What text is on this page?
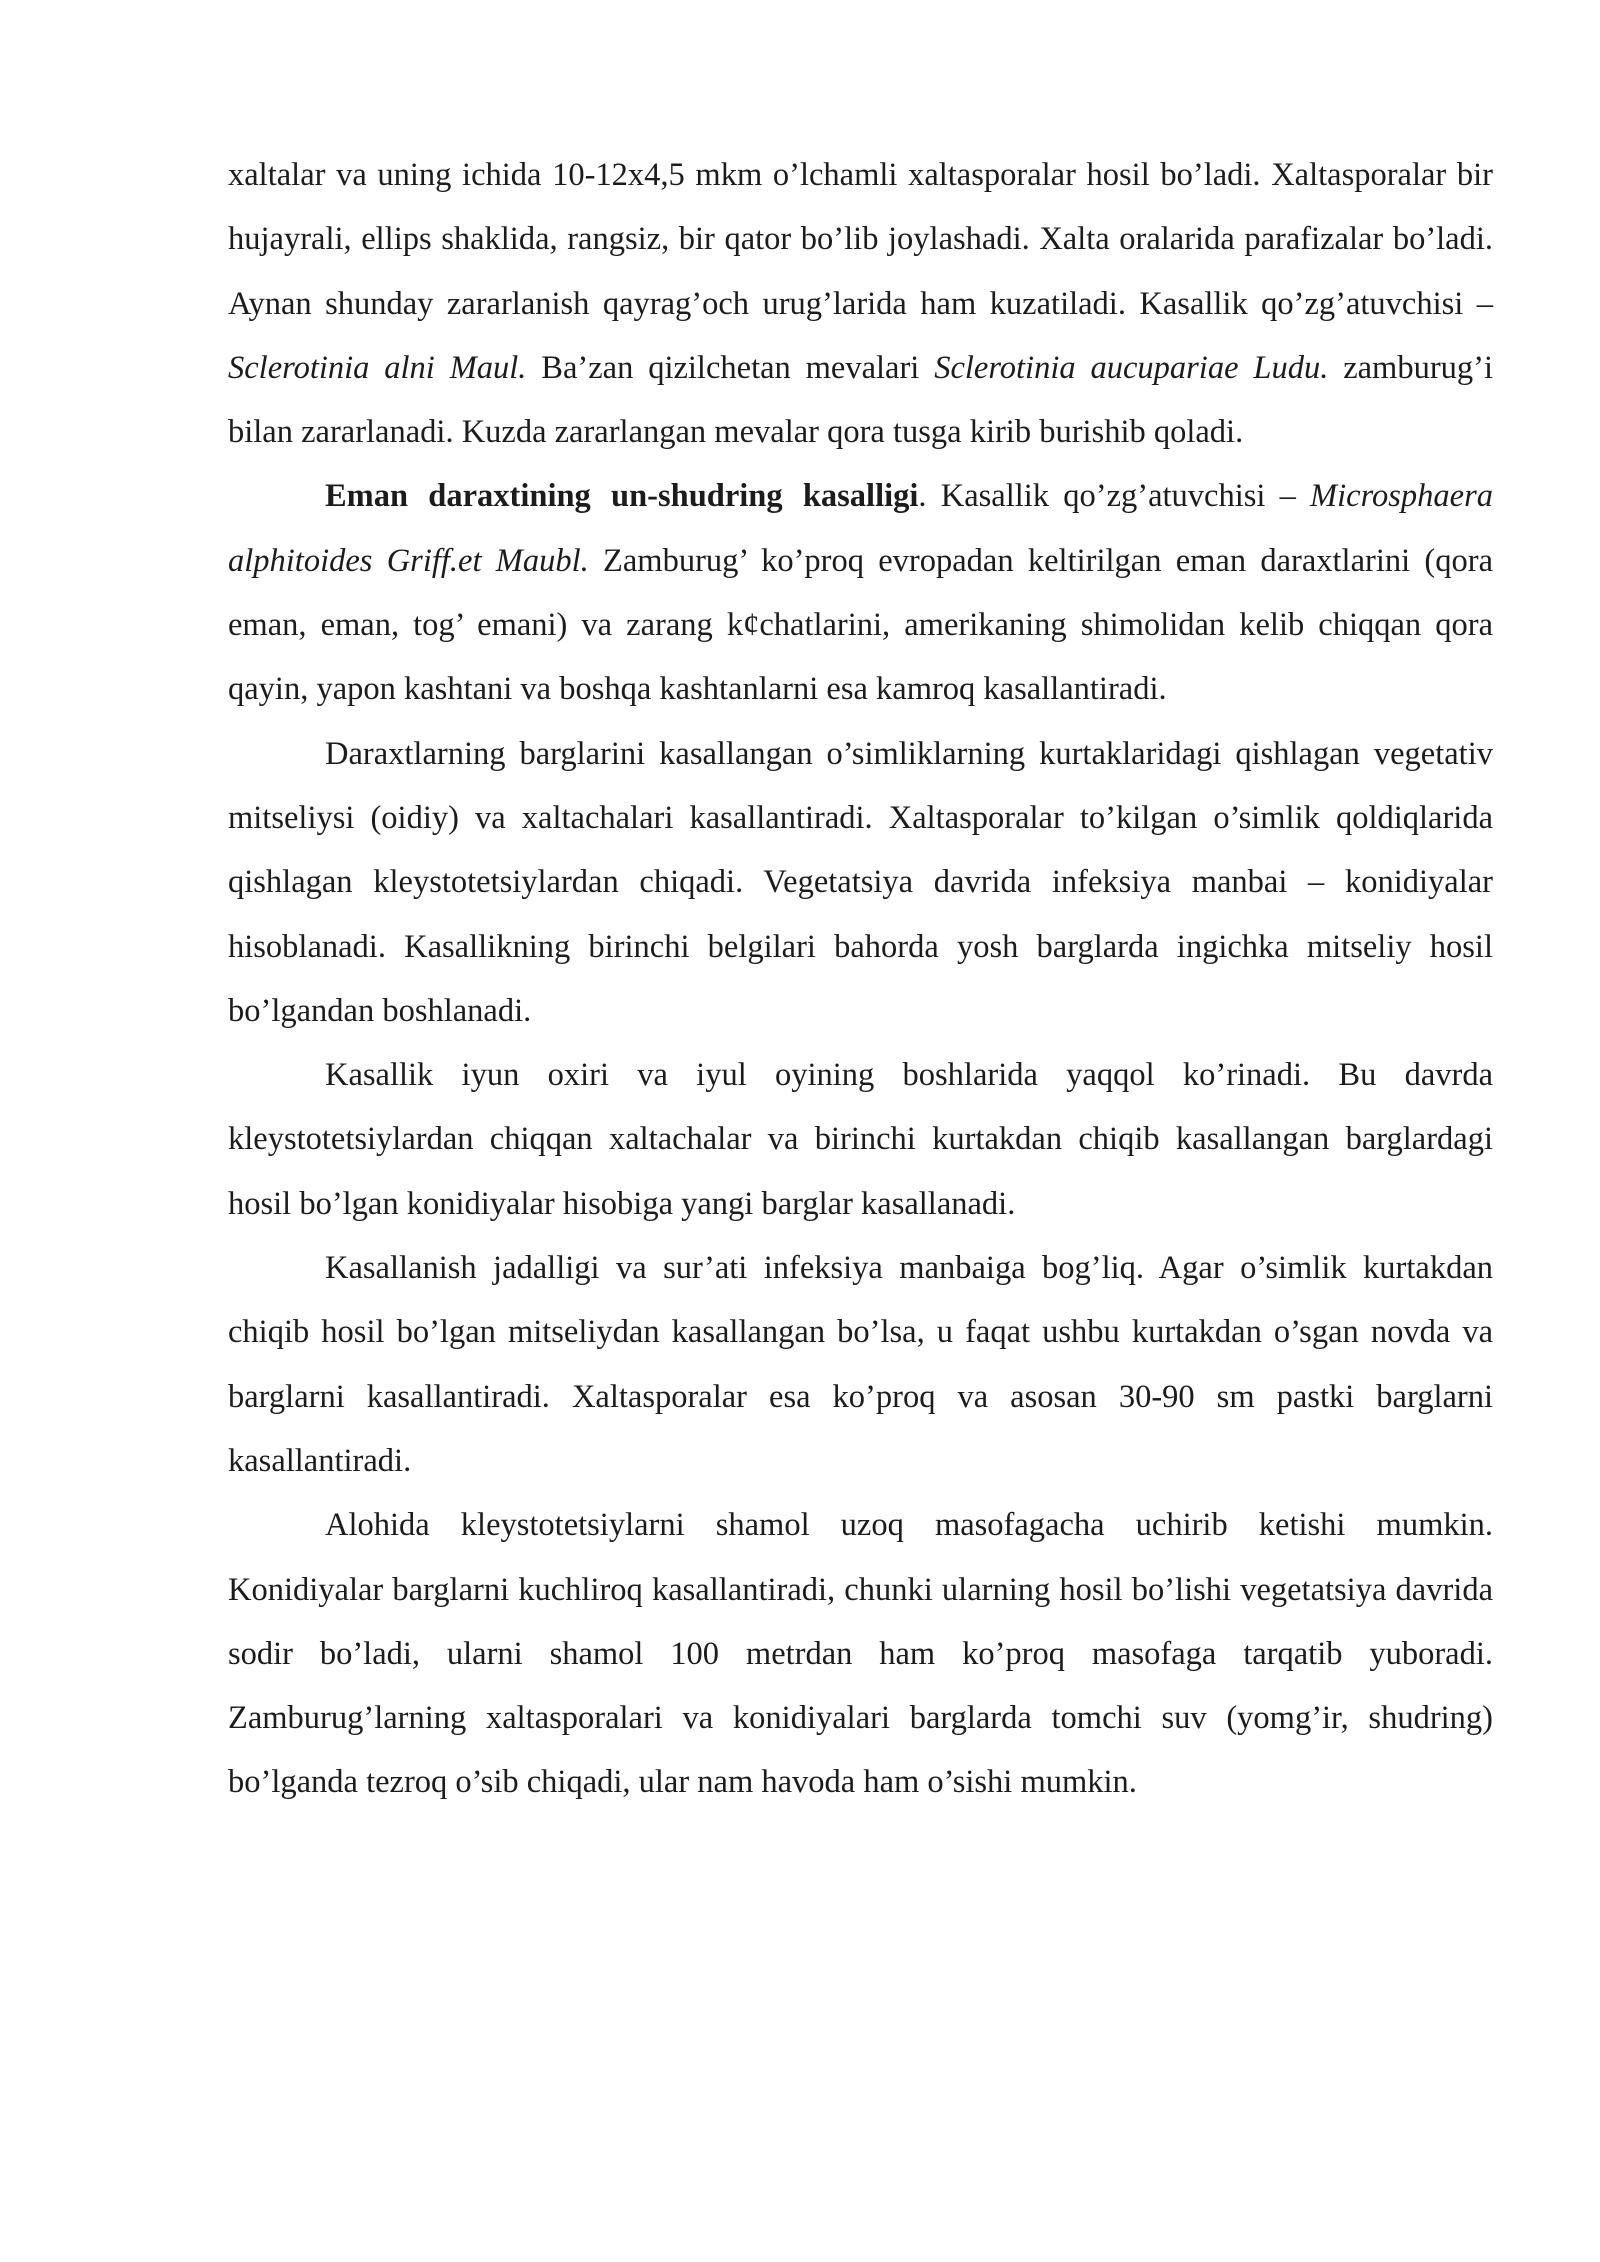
xaltalar va uning ichida 10-12x4,5 mkm o’lchamli xaltasporalar hosil bo’ladi. Xaltasporalar bir hujayrali, ellips shaklida, rangsiz, bir qator bo’lib joylashadi. Xalta oralarida parafizalar bo’ladi. Aynan shunday zararlanish qayrag’och urug’larida ham kuzatiladi. Kasallik qo’zg’atuvchisi – Sclerotinia alni Maul. Ba’zan qizilchetan mevalari Sclerotinia aucupariae Ludu. zamburug’i bilan zararlanadi. Kuzda zararlangan mevalar qora tusga kirib burishib qoladi.

Eman daraxtining un-shudring kasalligi. Kasallik qo’zg’atuvchisi – Microsphaera alphitoides Griff.et Maubl. Zamburug’ ko’proq evropadan keltirilgan eman daraxtlarini (qora eman, eman, tog’ emani) va zarang k¢chatlarini, amerikaning shimolidan kelib chiqqan qora qayin, yapon kashtani va boshqa kashtanlarni esa kamroq kasallantiradi.

Daraxtlarning barglarini kasallangan o’simliklarning kurtaklaridagi qishlagan vegetativ mitseliysi (oidiy) va xaltachalari kasallantiradi. Xaltasporalar to’kilgan o’simlik qoldiqlarida qishlagan kleystotetsiylardan chiqadi. Vegetatsiya davrida infeksiya manbai – konidiyalar hisoblanadi. Kasallikning birinchi belgilari bahorda yosh barglarda ingichka mitseliy hosil bo’lgandan boshlanadi.

Kasallik iyun oxiri va iyul oyining boshlarida yaqqol ko’rinadi. Bu davrda kleystotetsiylardan chiqqan xaltachalar va birinchi kurtakdan chiqib kasallangan barglardagi hosil bo’lgan konidiyalar hisobiga yangi barglar kasallanadi.

Kasallanish jadalligi va sur’ati infeksiya manbaiga bog’liq. Agar o’simlik kurtakdan chiqib hosil bo’lgan mitseliydan kasallangan bo’lsa, u faqat ushbu kurtakdan o’sgan novda va barglarni kasallantiradi. Xaltasporalar esa ko’proq va asosan 30-90 sm pastki barglarni kasallantiradi.

Alohida kleystotetsiylarni shamol uzoq masofagacha uchirib ketishi mumkin. Konidiyalar barglarni kuchliroq kasallantiradi, chunki ularning hosil bo’lishi vegetatsiya davrida sodir bo’ladi, ularni shamol 100 metrdan ham ko’proq masofaga tarqatib yuboradi. Zamburug’larning xaltasporalari va konidiyalari barglarda tomchi suv (yomg’ir, shudring) bo’lganda tezroq o’sib chiqadi, ular nam havoda ham o’sishi mumkin.
